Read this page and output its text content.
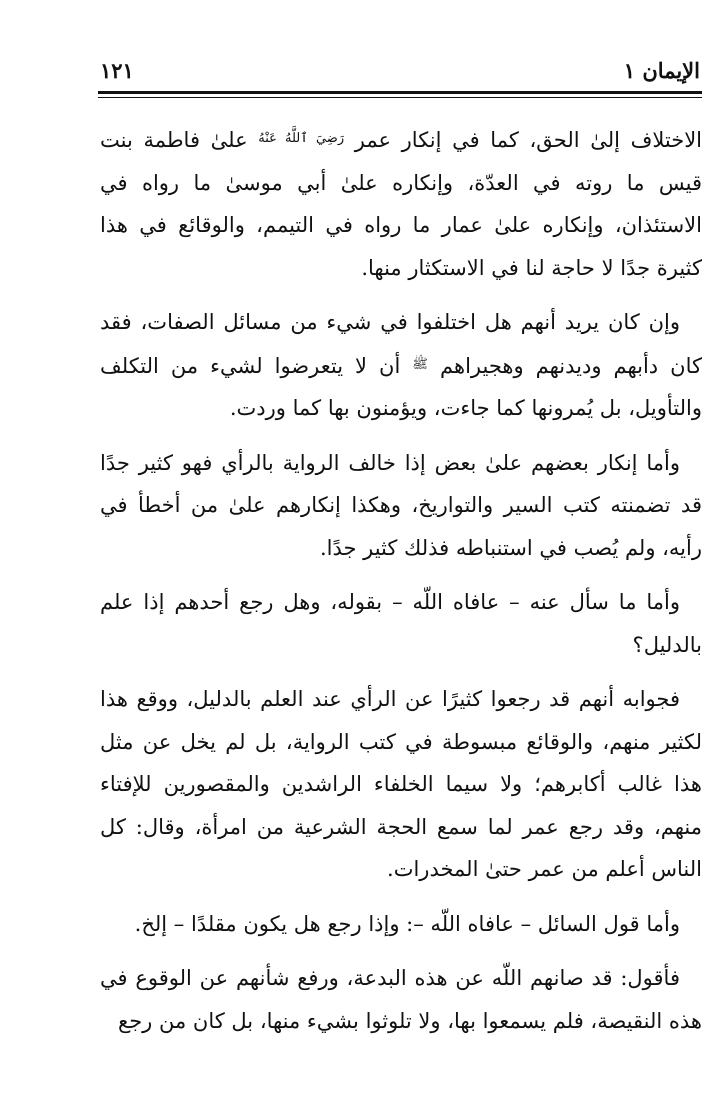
الإيمان ١
١٢١

الاختلاف إلىٰ الحق، كما في إنكار عمر $^{رَضِيَ ٱللَّهُ عَنْهُ}$ علىٰ فاطمة بنت قيس ما روته في العدّة، وإنكاره علىٰ أبي موسىٰ ما رواه في الاستئذان، وإنكاره علىٰ عمار ما رواه في التيمم، والوقائع في هذا كثيرة جدًا لا حاجة لنا في الاستكثار منها.

وإن كان يريد أنهم هل اختلفوا في شيء من مسائل الصفات، فقد كان دأبهم وديدنهم وهجيراهم $^ﷺ$ أن لا يتعرضوا لشيء من التكلف والتأويل، بل يُمرونها كما جاءت، ويؤمنون بها كما وردت.

وأما إنكار بعضهم علىٰ بعض إذا خالف الرواية بالرأي فهو كثير جدًا قد تضمنته كتب السير والتواريخ، وهكذا إنكارهم علىٰ من أخطأ في رأيه، ولم يُصب في استنباطه فذلك كثير جدًا.

وأما ما سأل عنه – عافاه اللّه – بقوله، وهل رجع أحدهم إذا علم بالدليل؟

فجوابه أنهم قد رجعوا كثيرًا عن الرأي عند العلم بالدليل، ووقع هذا لكثير منهم، والوقائع مبسوطة في كتب الرواية، بل لم يخل عن مثل هذا غالب أكابرهم؛ ولا سيما الخلفاء الراشدين والمقصورين للإفتاء منهم، وقد رجع عمر لما سمع الحجة الشرعية من امرأة، وقال: كل الناس أعلم من عمر حتىٰ المخدرات.

وأما قول السائل – عافاه اللّه –: وإذا رجع هل يكون مقلدًا – إلخ.

فأقول: قد صانهم اللّه عن هذه البدعة، ورفع شأنهم عن الوقوع في هذه النقيصة، فلم يسمعوا بها، ولا تلوثوا بشيء منها، بل كان من رجع
